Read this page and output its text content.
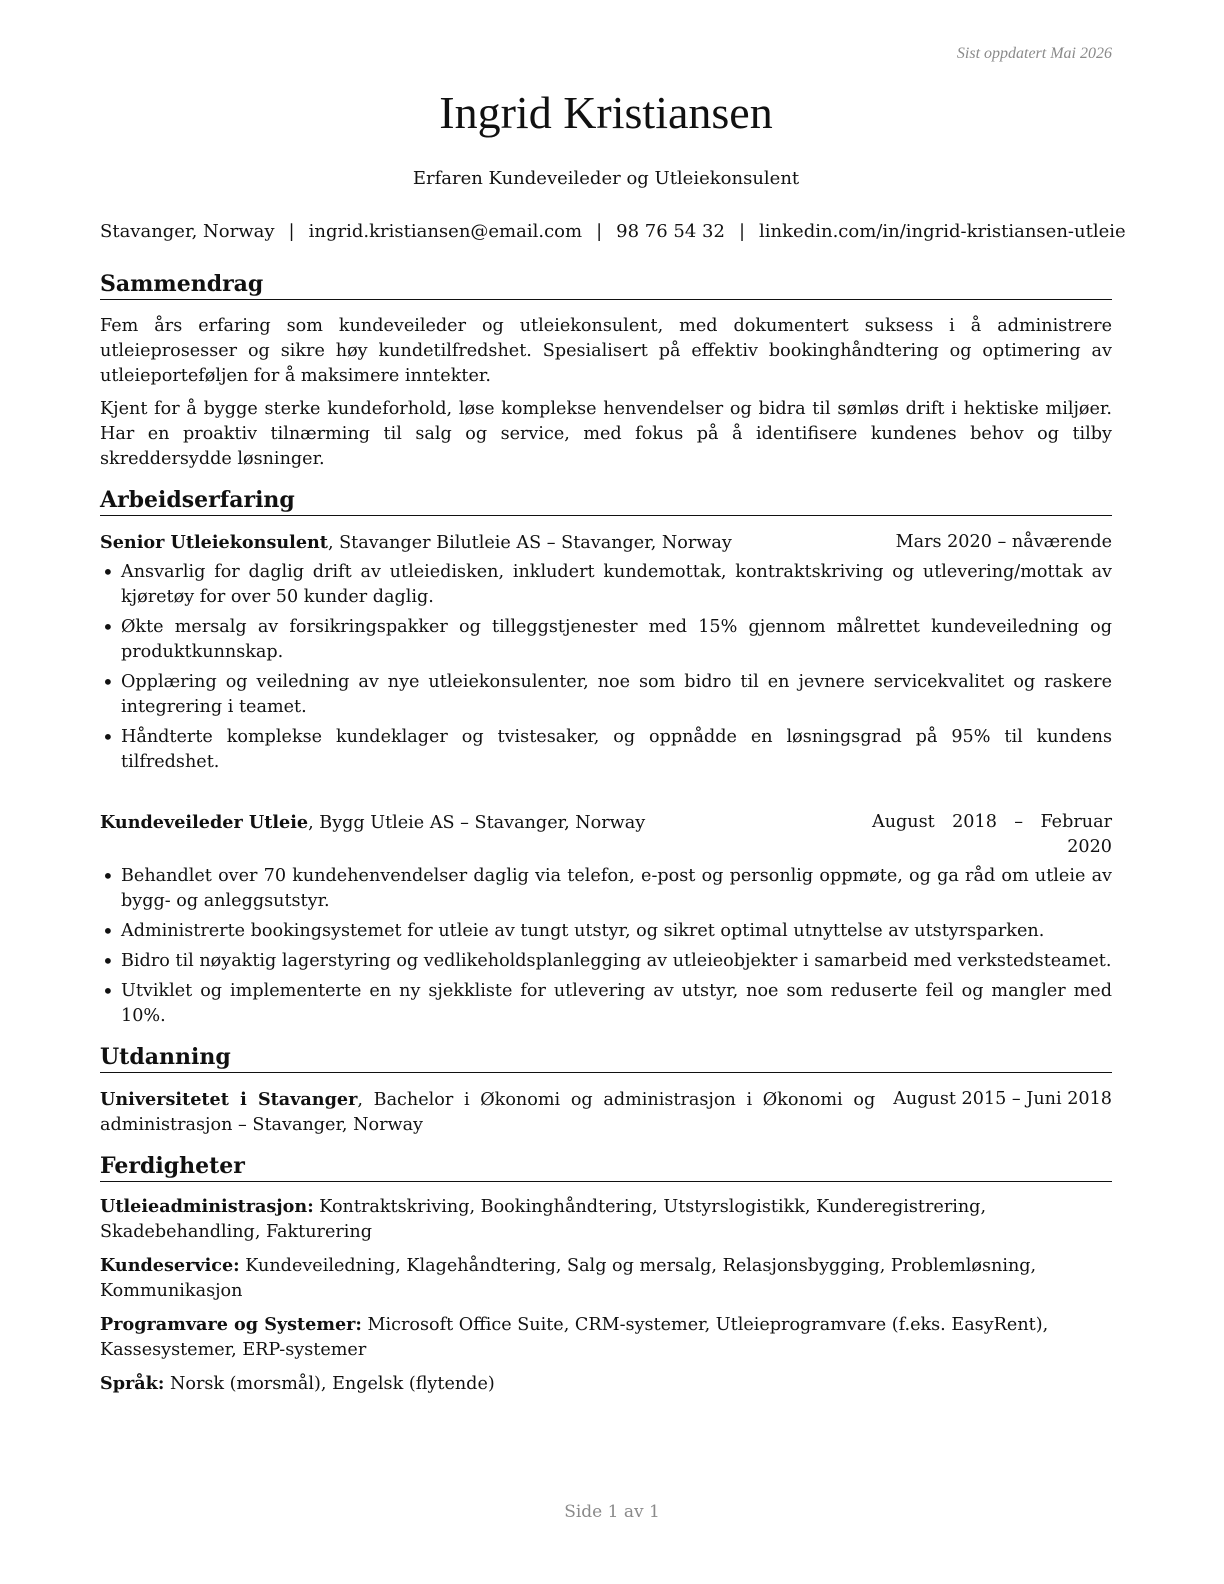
Sist oppdatert Mai 2026
Ingrid Kristiansen
Erfaren Kundeveileder og Utleiekonsulent
Stavanger, Norway | ingrid.kristiansen@email.com | 98 76 54 32 | linkedin.com/in/ingrid-kristiansen-utleie
Sammendrag

Fem års erfaring som kundeveileder og utleiekonsulent, med dokumentert suksess i å administrere utleieprosesser og sikre høy kundetilfredshet. Spesialisert på effektiv bookinghåndtering og optimering av utleieporteføljen for å maksimere inntekter.

Kjent for å bygge sterke kundeforhold, løse komplekse henvendelser og bidra til sømløs drift i hektiske miljøer. Har en proaktiv tilnærming til salg og service, med fokus på å identifisere kundenes behov og tilby skreddersydde løsninger.

Arbeidserfaring
Senior Utleiekonsulent, Stavanger Bilutleie AS – Stavanger, Norway	Mars 2020 – nåværende
• Ansvarlig for daglig drift av utleiedisken, inkludert kundemottak, kontraktskriving og utlevering/mottak av kjøretøy for over 50 kunder daglig.
• Økte mersalg av forsikringspakker og tilleggstjenester med 15% gjennom målrettet kundeveiledning og produktkunnskap.
• Opplæring og veiledning av nye utleiekonsulenter, noe som bidro til en jevnere servicekvalitet og raskere integrering i teamet.
• Håndterte komplekse kundeklager og tvistesaker, og oppnådde en løsningsgrad på 95% til kundens tilfredshet.
Kundeveileder Utleie, Bygg Utleie AS – Stavanger, Norway	August 2018 – Februar 2020
• Behandlet over 70 kundehenvendelser daglig via telefon, e-post og personlig oppmøte, og ga råd om utleie av bygg- og anleggsutstyr.
• Administrerte bookingsystemet for utleie av tungt utstyr, og sikret optimal utnyttelse av utstyrsparken.
• Bidro til nøyaktig lagerstyring og vedlikeholdsplanlegging av utleieobjekter i samarbeid med verkstedsteamet.
• Utviklet og implementerte en ny sjekkliste for utlevering av utstyr, noe som reduserte feil og mangler med 10%.
Utdanning
Universitetet i Stavanger, Bachelor i Økonomi og administrasjon i Økonomi og administrasjon – Stavanger, Norway
August 2015 – Juni 2018
Ferdigheter
Utleieadministrasjon: Kontraktskriving, Bookinghåndtering, Utstyrslogistikk, Kunderegistrering, Skadebehandling, Fakturering
Kundeservice: Kundeveiledning, Klagehåndtering, Salg og mersalg, Relasjonsbygging, Problemløsning, Kommunikasjon
Programvare og Systemer: Microsoft Office Suite, CRM-systemer, Utleieprogramvare (f.eks. EasyRent), Kassesystemer, ERP-systemer
Språk: Norsk (morsmål), Engelsk (flytende)
Side 1 av 1
